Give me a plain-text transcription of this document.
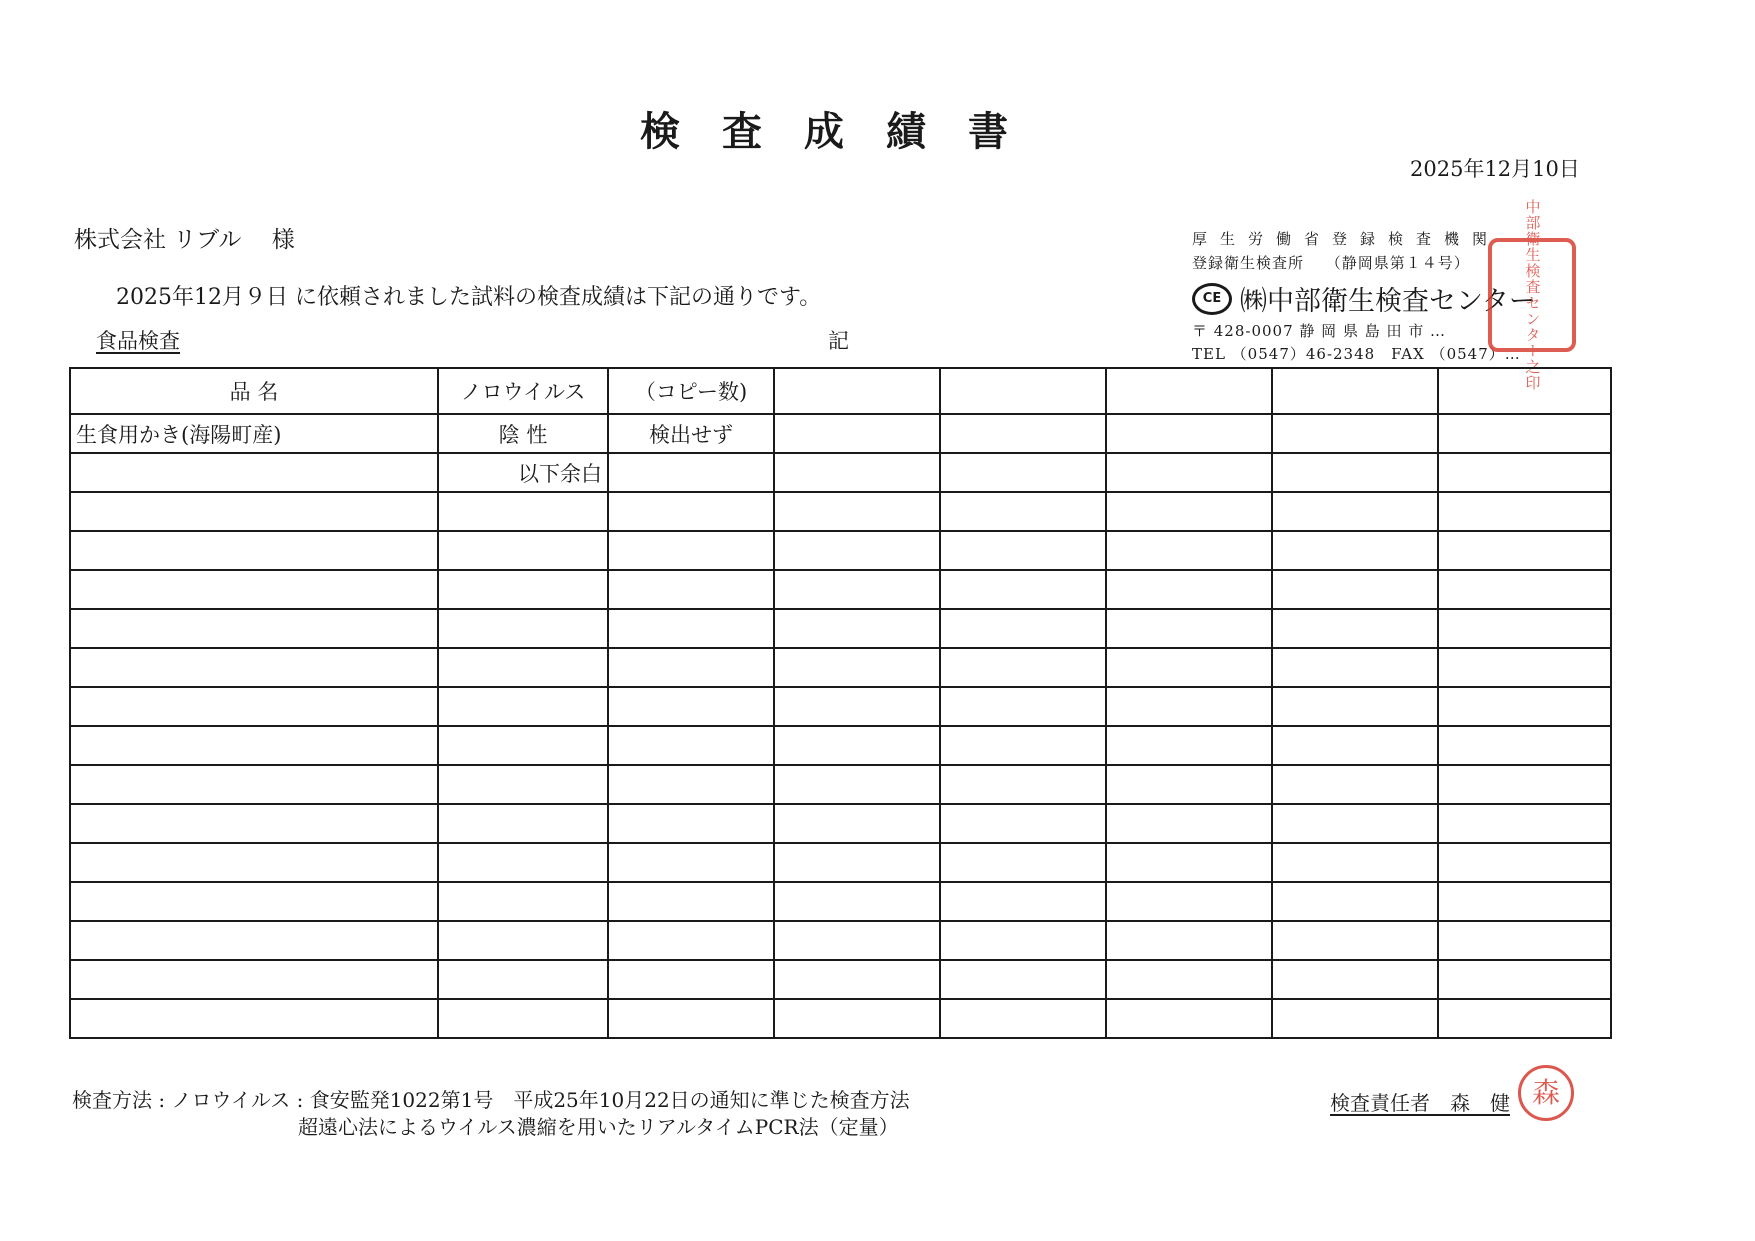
検査成績書
2025年12月10日
株式会社 リブル　 様
2025年12月９日 に依頼されました試料の検査成績は下記の通りです。
食品検査	記
厚生労働省登録検査機関
登録衛生検査所　 （静岡県第１４号）
CE ㈱中部衛生検査センター
〒 428-0007 静 岡 県 島 田 市 …
TEL （0547）46-2348　FAX （0547）… 中部衛生検査センター之印
品 名	ノロウイルス	（コピー数)					
生食用かき(海陽町産)	陰 性	検出せず					
	以下余白						

検査方法 : ノロウイルス : 食安監発1022第1号　平成25年10月22日の通知に準じた検査方法
超遠心法によるウイルス濃縮を用いたリアルタイムPCR法（定量）
検査責任者　森　健 森
